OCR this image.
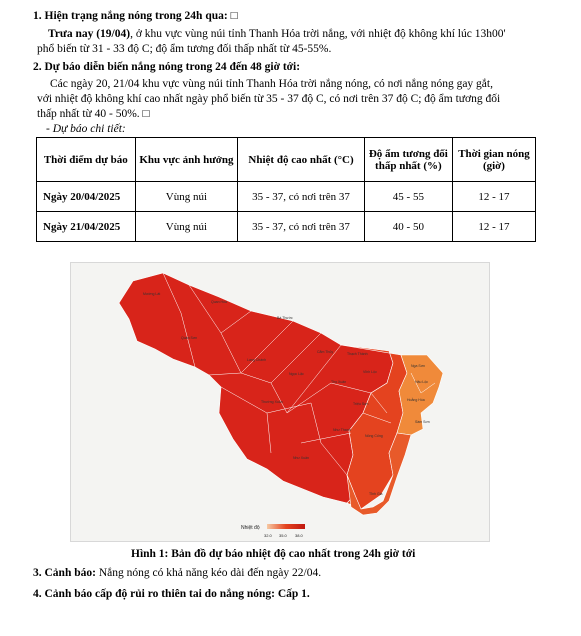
1. Hiện trạng nắng nóng trong 24h qua: □
Trưa nay (19/04), ở khu vực vùng núi tỉnh Thanh Hóa trời nắng, với nhiệt độ không khí lúc 13h00'
phổ biến từ 31 - 33 độ C; độ ẩm tương đối thấp nhất từ 45-55%.
2. Dự báo diễn biến nắng nóng trong 24 đến 48 giờ tới:
Các ngày 20, 21/04 khu vực vùng núi tỉnh Thanh Hóa trời nắng nóng, có nơi nắng nóng gay gắt,
với nhiệt độ không khí cao nhất ngày phổ biến từ 35 - 37 độ C, có nơi trên 37 độ C; độ ẩm tương đối
thấp nhất từ 40 - 50%. □
- Dự báo chi tiết:
Thời điểm dự báo	Khu vực ảnh hưởng	Nhiệt độ cao nhất (°C)	Độ ẩm tương đối thấp nhất (%)	Thời gian nóng (giờ)
Ngày 20/04/2025	Vùng núi	35 - 37, có nơi trên 37	45 - 55	12 - 17
Ngày 21/04/2025	Vùng núi	35 - 37, có nơi trên 37	40 - 50	12 - 17
Mường Lát
Quan Hóa
Quan Sơn
Bá Thước
Lang Chánh
Cẩm Thủy	Thạch Thành
Vĩnh Lộc
Ngọc Lặc
Thường Xuân
Thọ Xuân
Như Xuân
Như Thanh
Triệu Sơn
Nông Cống
Tĩnh Gia
Nga Sơn
Hậu Lộc
Hoằng Hóa
Sầm Sơn
Nhiệt độ
32.0 35.0 38.0
Hình 1: Bản đồ dự báo nhiệt độ cao nhất trong 24h giờ tới
3. Cảnh báo: Nắng nóng có khả năng kéo dài đến ngày 22/04.
4. Cảnh báo cấp độ rủi ro thiên tai do nắng nóng: Cấp 1.
